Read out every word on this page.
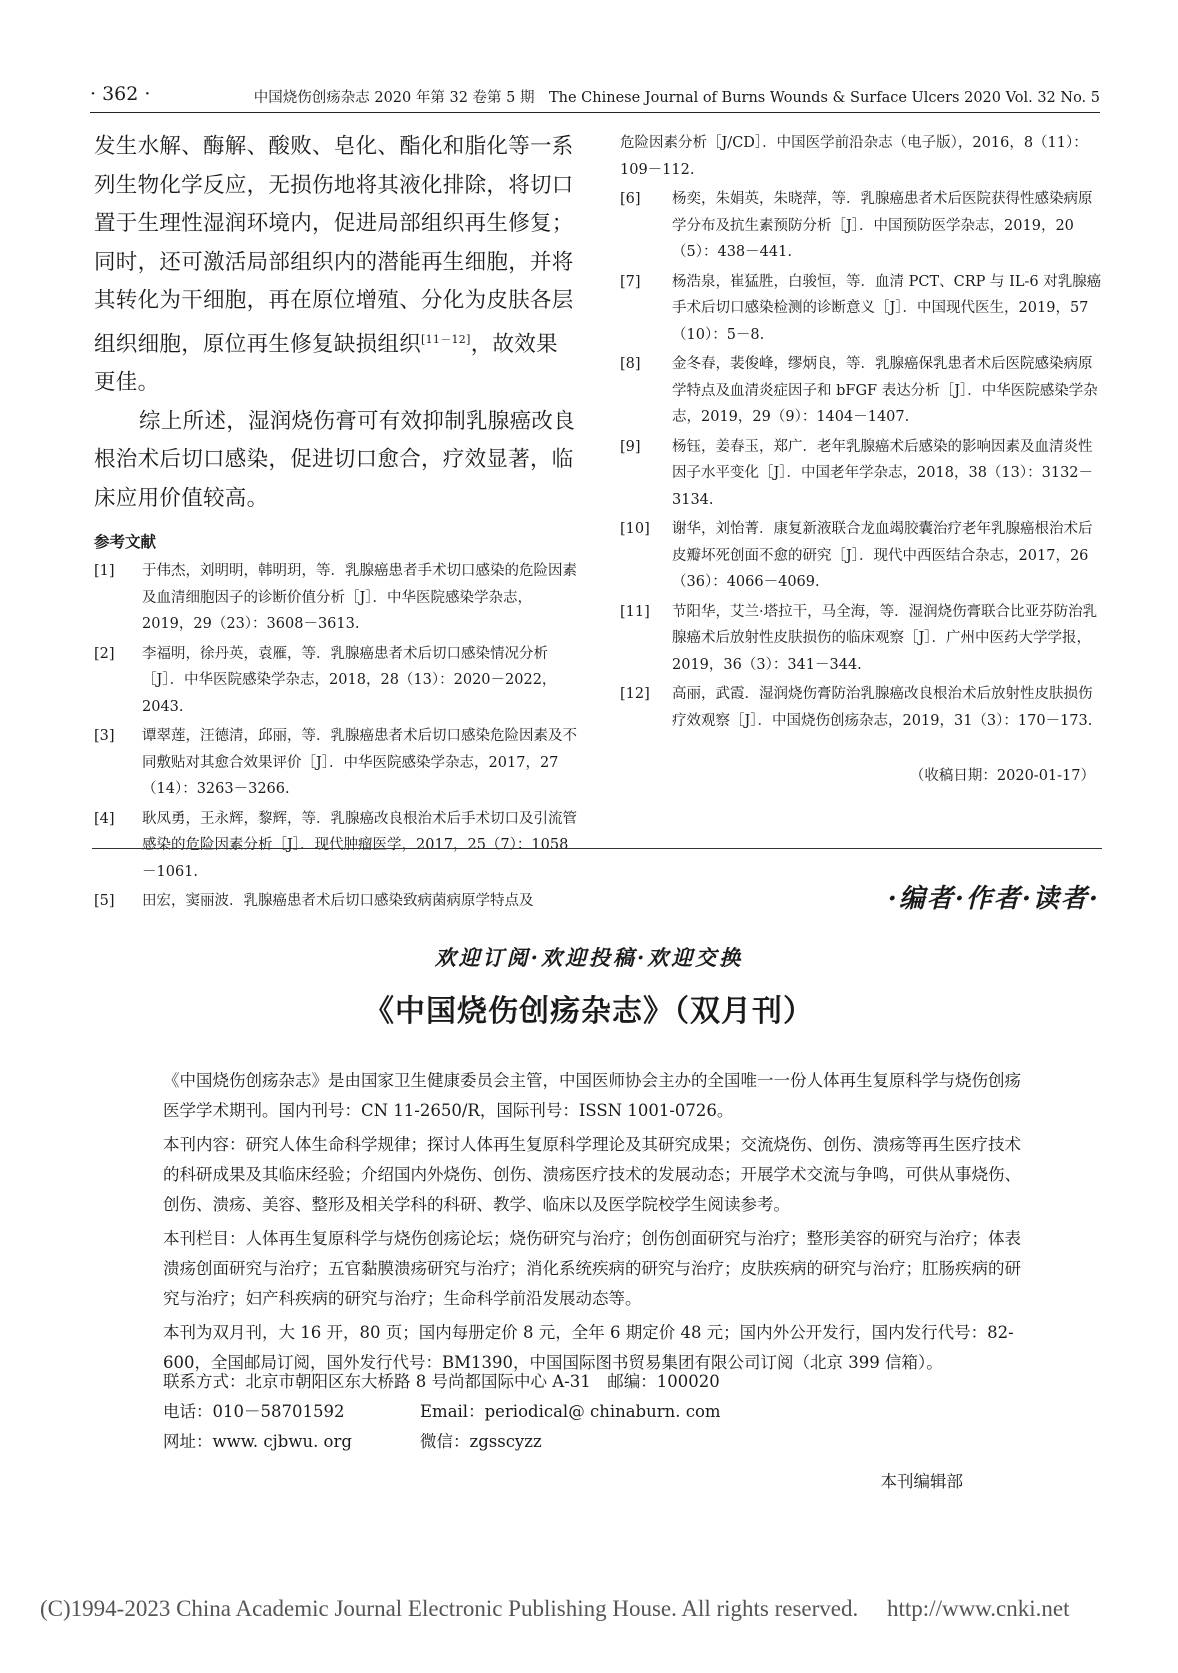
· 362 ·	中国烧伤创疡杂志 2020 年第 32 卷第 5 期　The Chinese Journal of Burns Wounds & Surface Ulcers 2020 Vol. 32 No. 5

发生水解、酶解、酸败、皂化、酯化和脂化等一系列生物化学反应，无损伤地将其液化排除，将切口置于生理性湿润环境内，促进局部组织再生修复；同时，还可激活局部组织内的潜能再生细胞，并将其转化为干细胞，再在原位增殖、分化为皮肤各层组织细胞，原位再生修复缺损组织[11－12]，故效果更佳。

综上所述，湿润烧伤膏可有效抑制乳腺癌改良根治术后切口感染，促进切口愈合，疗效显著，临床应用价值较高。

参考文献

[1] 于伟杰，刘明明，韩明玥，等．乳腺癌患者手术切口感染的危险因素及血清细胞因子的诊断价值分析［J］．中华医院感染学杂志，2019，29（23）：3608－3613.

[2] 李福明，徐丹英，袁雁，等．乳腺癌患者术后切口感染情况分析［J］．中华医院感染学杂志，2018，28（13）：2020－2022，2043.

[3] 谭翠莲，汪德清，邱丽，等．乳腺癌患者术后切口感染危险因素及不同敷贴对其愈合效果评价［J］．中华医院感染学杂志，2017，27（14）：3263－3266.

[4] 耿凤勇，王永辉，黎辉，等．乳腺癌改良根治术后手术切口及引流管感染的危险因素分析［J］．现代肿瘤医学，2017，25（7）：1058－1061.

[5] 田宏，窦丽波．乳腺癌患者术后切口感染致病菌病原学特点及

危险因素分析［J/CD］．中国医学前沿杂志（电子版），2016，8（11）：109－112.

[6] 杨奕，朱娟英，朱晓萍，等．乳腺癌患者术后医院获得性感染病原学分布及抗生素预防分析［J］．中国预防医学杂志，2019，20（5）：438－441.

[7] 杨浩泉，崔猛胜，白骏恒，等．血清 PCT、CRP 与 IL-6 对乳腺癌手术后切口感染检测的诊断意义［J］．中国现代医生，2019，57（10）：5－8.

[8] 金冬春，裴俊峰，缪炳良，等．乳腺癌保乳患者术后医院感染病原学特点及血清炎症因子和 bFGF 表达分析［J］．中华医院感染学杂志，2019，29（9）：1404－1407.

[9] 杨钰，姜春玉，郑广．老年乳腺癌术后感染的影响因素及血清炎性因子水平变化［J］．中国老年学杂志，2018，38（13）：3132－3134.

[10] 谢华，刘怡菁．康复新液联合龙血竭胶囊治疗老年乳腺癌根治术后皮瓣坏死创面不愈的研究［J］．现代中西医结合杂志，2017，26（36）：4066－4069.

[11] 节阳华，艾兰·塔拉干，马全海，等．湿润烧伤膏联合比亚芬防治乳腺癌术后放射性皮肤损伤的临床观察［J］．广州中医药大学学报，2019，36（3）：341－344.

[12] 高丽，武霞．湿润烧伤膏防治乳腺癌改良根治术后放射性皮肤损伤疗效观察［J］．中国烧伤创疡杂志，2019，31（3）：170－173.

（收稿日期：2020-01-17）
·编者·作者·读者·
欢迎订阅·欢迎投稿·欢迎交换
《中国烧伤创疡杂志》（双月刊）

《中国烧伤创疡杂志》是由国家卫生健康委员会主管，中国医师协会主办的全国唯一一份人体再生复原科学与烧伤创疡医学学术期刊。国内刊号：CN 11-2650/R，国际刊号：ISSN 1001-0726。

本刊内容：研究人体生命科学规律；探讨人体再生复原科学理论及其研究成果；交流烧伤、创伤、溃疡等再生医疗技术的科研成果及其临床经验；介绍国内外烧伤、创伤、溃疡医疗技术的发展动态；开展学术交流与争鸣，可供从事烧伤、创伤、溃疡、美容、整形及相关学科的科研、教学、临床以及医学院校学生阅读参考。

本刊栏目：人体再生复原科学与烧伤创疡论坛；烧伤研究与治疗；创伤创面研究与治疗；整形美容的研究与治疗；体表溃疡创面研究与治疗；五官黏膜溃疡研究与治疗；消化系统疾病的研究与治疗；皮肤疾病的研究与治疗；肛肠疾病的研究与治疗；妇产科疾病的研究与治疗；生命科学前沿发展动态等。

本刊为双月刊，大 16 开，80 页；国内每册定价 8 元，全年 6 期定价 48 元；国内外公开发行，国内发行代号：82-600，全国邮局订阅，国外发行代号：BM1390，中国国际图书贸易集团有限公司订阅（北京 399 信箱）。

联系方式：北京市朝阳区东大桥路 8 号尚都国际中心 A-31　邮编：100020
电话：010－58701592	Email：periodical@ chinaburn. com
网址：www. cjbwu. org	微信：zgsscyzz
本刊编辑部
(C)1994-2023 China Academic Journal Electronic Publishing House. All rights reserved.　 http://www.cnki.net
